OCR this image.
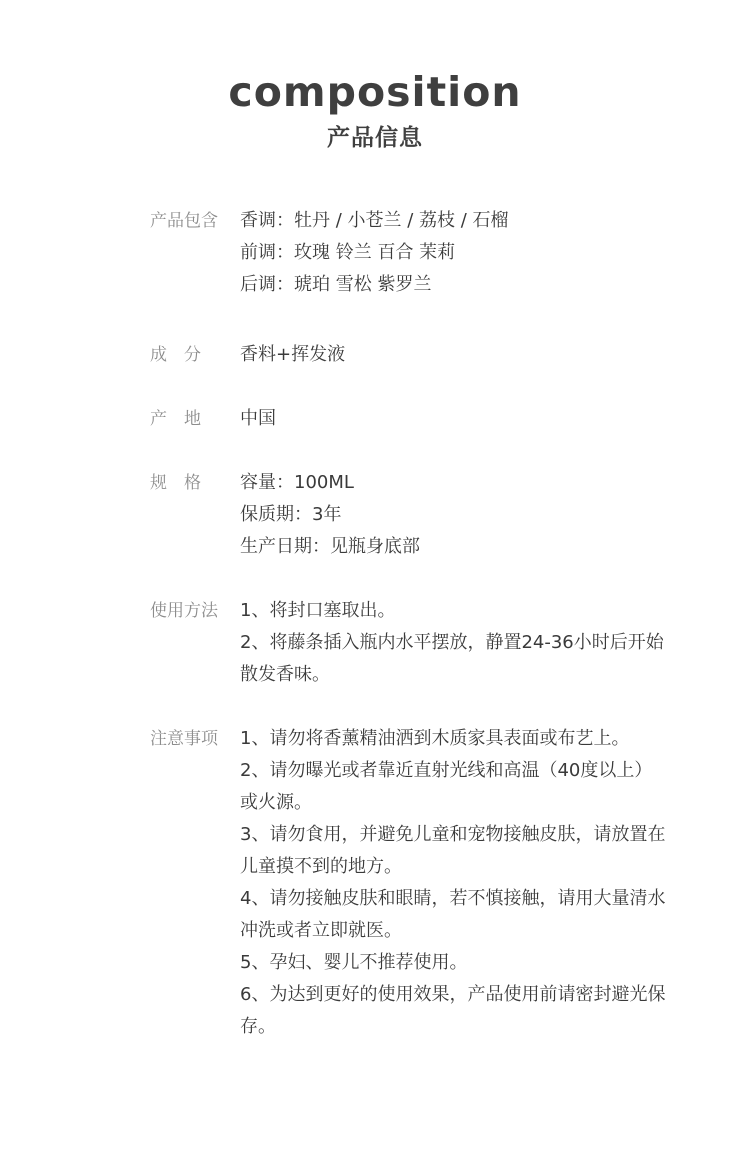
composition
产品信息
产品包含	香调：牡丹 / 小苍兰 / 荔枝 / 石榴
前调：玫瑰 铃兰 百合 茉莉
后调：琥珀 雪松 紫罗兰
成　分	香料+挥发液
产　地	中国
规　格	容量：100ML
保质期：3年
生产日期：见瓶身底部
使用方法	1、将封口塞取出。
2、将藤条插入瓶内水平摆放，静置24-36小时后开始散发香味。
注意事项	1、请勿将香薰精油洒到木质家具表面或布艺上。
2、请勿曝光或者靠近直射光线和高温（40度以上）或火源。
3、请勿食用，并避免儿童和宠物接触皮肤，请放置在儿童摸不到的地方。
4、请勿接触皮肤和眼睛，若不慎接触，请用大量清水冲洗或者立即就医。
5、孕妇、婴儿不推荐使用。
6、为达到更好的使用效果，产品使用前请密封避光保存。
